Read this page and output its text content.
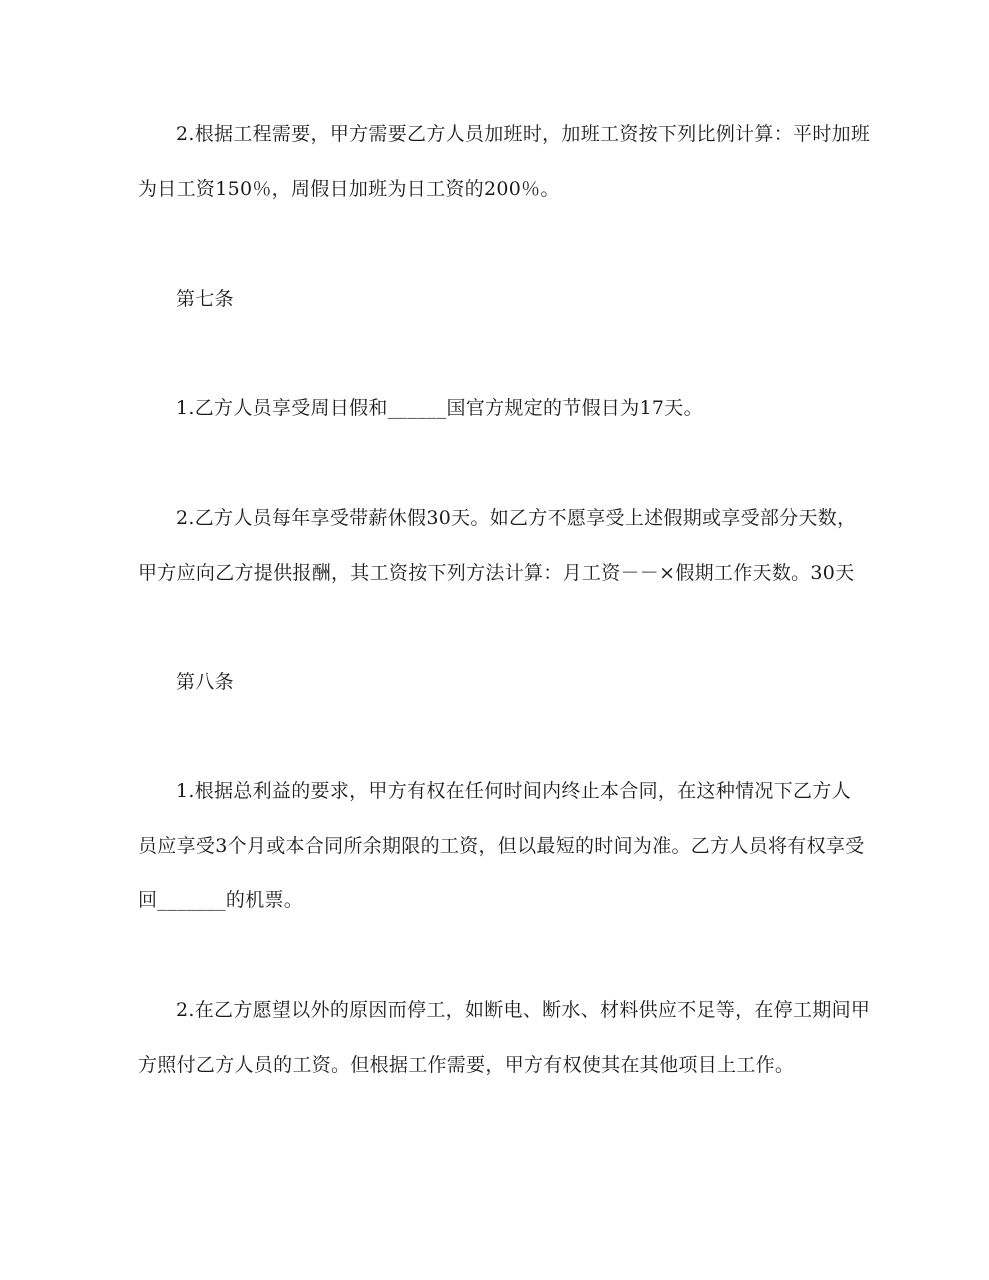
2.根据工程需要，甲方需要乙方人员加班时，加班工资按下列比例计算：平时加班
为日工资150％，周假日加班为日工资的200％。
第七条
1.乙方人员享受周日假和______国官方规定的节假日为17天。
2.乙方人员每年享受带薪休假30天。如乙方不愿享受上述假期或享受部分天数，
甲方应向乙方提供报酬，其工资按下列方法计算：月工资－－×假期工作天数。30天
第八条
1.根据总利益的要求，甲方有权在任何时间内终止本合同，在这种情况下乙方人
员应享受3个月或本合同所余期限的工资，但以最短的时间为准。乙方人员将有权享受
回_______的机票。
2.在乙方愿望以外的原因而停工，如断电、断水、材料供应不足等，在停工期间甲
方照付乙方人员的工资。但根据工作需要，甲方有权使其在其他项目上工作。
